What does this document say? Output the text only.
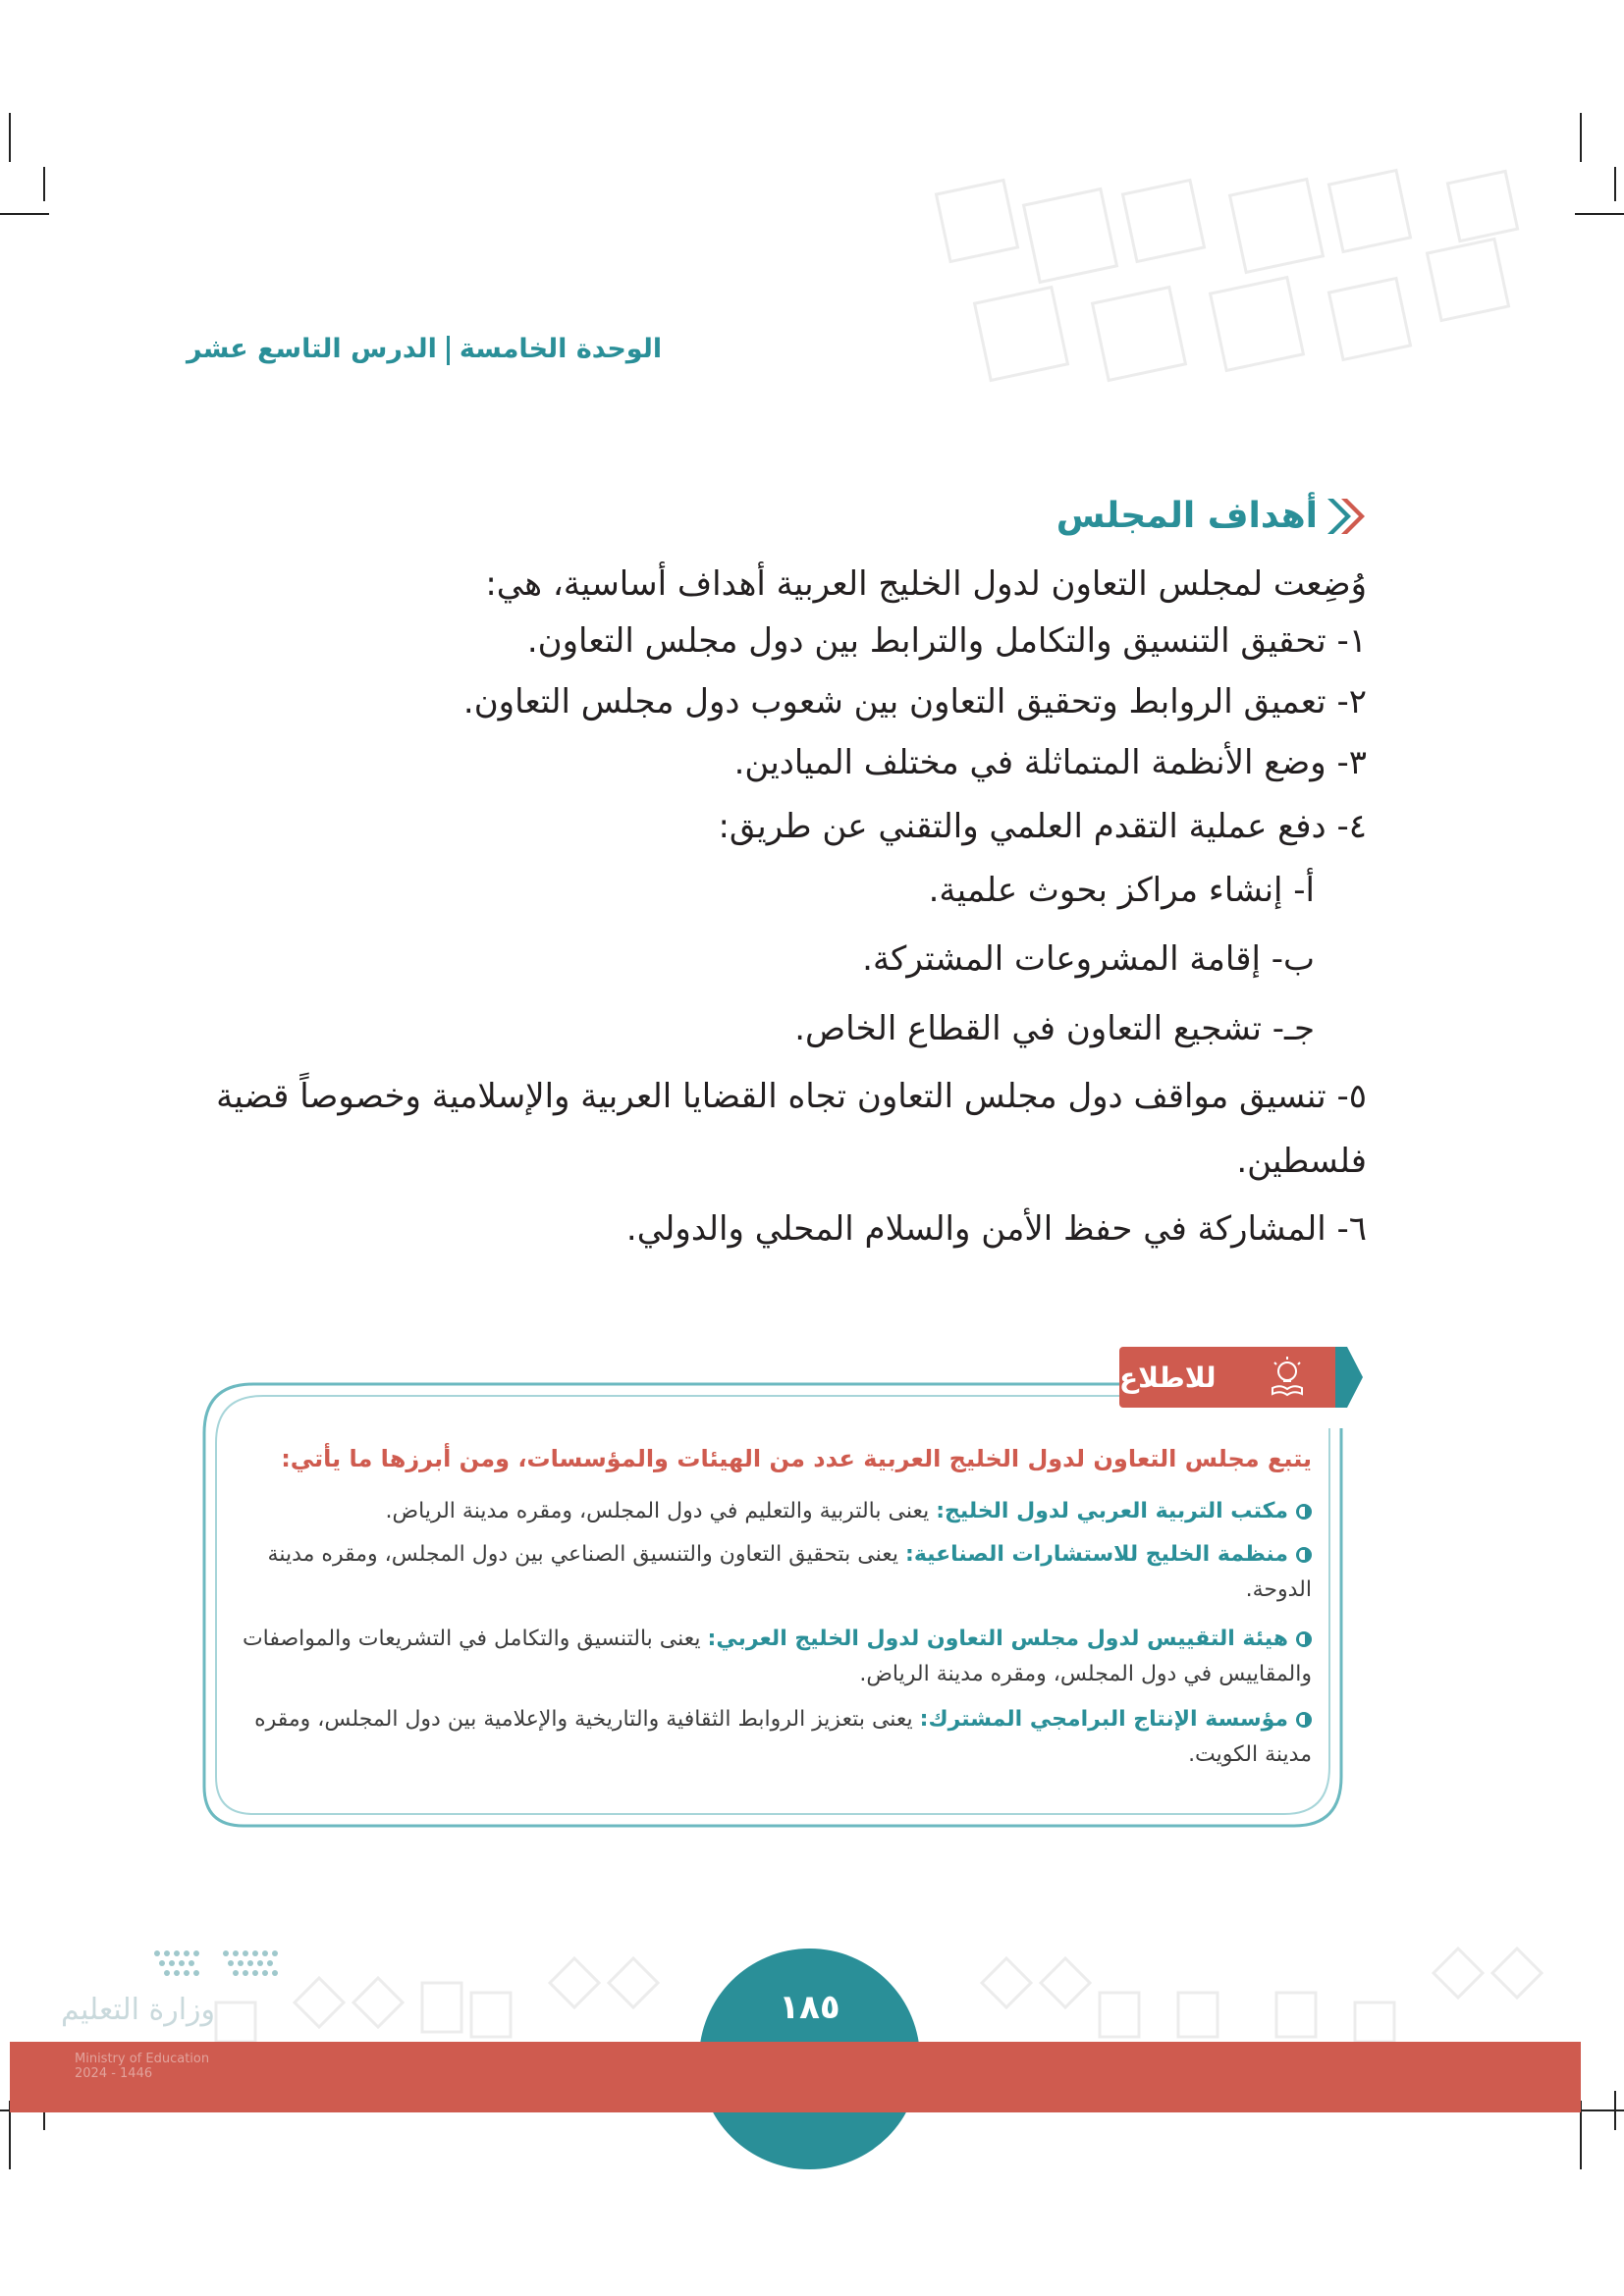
الوحدة الخامسةالدرس التاسع عشر
أهداف المجلس
وُضِعت لمجلس التعاون لدول الخليج العربية أهداف أساسية، هي:
١- تحقيق التنسيق والتكامل والترابط بين دول مجلس التعاون.
٢- تعميق الروابط وتحقيق التعاون بين شعوب دول مجلس التعاون.
٣- وضع الأنظمة المتماثلة في مختلف الميادين.
٤- دفع عملية التقدم العلمي والتقني عن طريق:
أ- إنشاء مراكز بحوث علمية.
ب- إقامة المشروعات المشتركة.
جـ- تشجيع التعاون في القطاع الخاص.
٥- تنسيق مواقف دول مجلس التعاون تجاه القضايا العربية والإسلامية وخصوصاً قضية
فلسطين.
٦- المشاركة في حفظ الأمن والسلام المحلي والدولي.
للاطلاع
يتبع مجلس التعاون لدول الخليج العربية عدد من الهيئات والمؤسسات، ومن أبرزها ما يأتي:
مكتب التربية العربي لدول الخليج: يعنى بالتربية والتعليم في دول المجلس، ومقره مدينة الرياض.
منظمة الخليج للاستشارات الصناعية: يعنى بتحقيق التعاون والتنسيق الصناعي بين دول المجلس، ومقره مدينة الدوحة.
هيئة التقييس لدول مجلس التعاون لدول الخليج العربي: يعنى بالتنسيق والتكامل في التشريعات والمواصفات والمقاييس في دول المجلس، ومقره مدينة الرياض.
مؤسسة الإنتاج البرامجي المشترك: يعنى بتعزيز الروابط الثقافية والتاريخية والإعلامية بين دول المجلس، ومقره مدينة الكويت.
١٨٥
وزارة التعليم
Ministry of Education
2024 - 1446
